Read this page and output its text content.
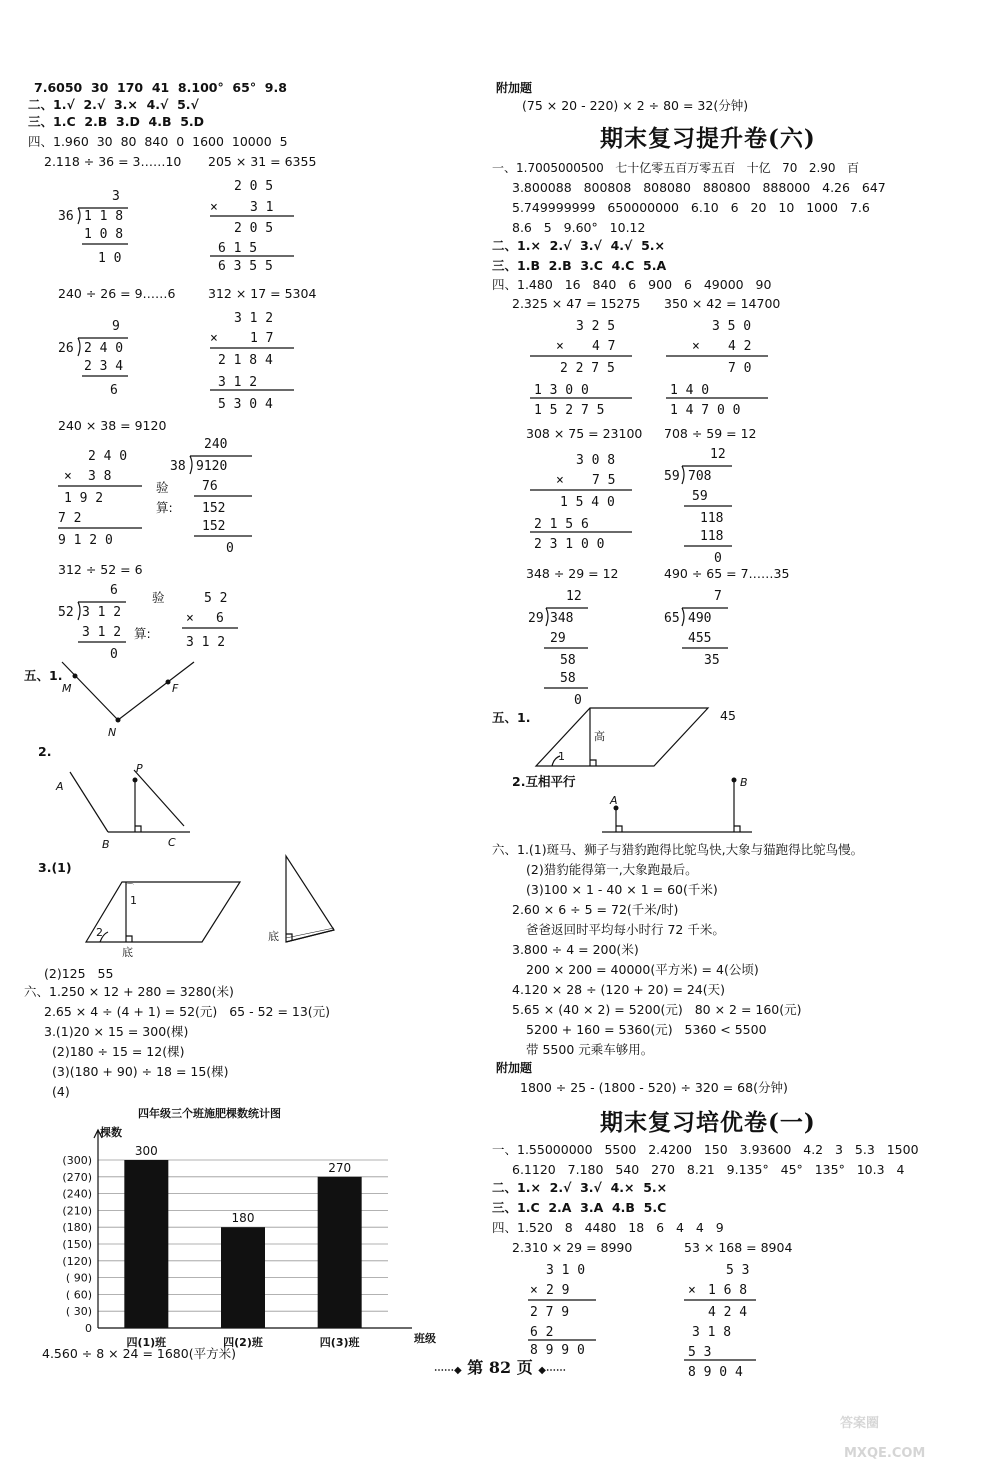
7.6050  30  170  41  8.100°  65°  9.8
二、1.√  2.√  3.×  4.√  5.√
三、1.C  2.B  3.D  4.B  5.D
四、1.960  30  80  840  0  1600  10000  5
2.118 ÷ 36 = 3……10 205 × 31 = 6355
3
36 1 1 8
1 0 8
1 0
2 0 5
× 3 1
2 0 5
6 1 5
6 3 5 5
240 ÷ 26 = 9……6	312 × 17 = 5304
9
26 2 4 0
2 3 4
6
3 1 2
× 1 7
2 1 8 4
3 1 2
5 3 0 4
240 × 38 = 9120
2 4 0
× 3 8
1 9 2
7 2
9 1 2 0
240
38 9120
76
152
152
0
验
算:
312 ÷ 52 = 6
6
52 3 1 2
3 1 2
0
5 2
× 6
3 1 2
验
算:
五、1.
M
N
F
2.
P
A
B	C
3.(1)
1
2
底
⌒
底
(2)125   55
六、1.250 × 12 + 280 = 3280(米)
2.65 × 4 ÷ (4 + 1) = 52(元)   65 - 52 = 13(元)
3.(1)20 × 15 = 300(棵)
(2)180 ÷ 15 = 12(棵)
(3)(180 + 90) ÷ 18 = 15(棵)
(4)
四年级三个班施肥棵数统计图
棵数
(300)
(270)
(240)
(210)
(180)
(150)
(120)
( 90)
( 60)
( 30)
0
班级
300
四(1)班
180
四(2)班
270
四(3)班
4.560 ÷ 8 × 24 = 1680(平方米)
附加题
(75 × 20 - 220) × 2 ÷ 80 = 32(分钟)
期末复习提升卷(六)
一、1.7005000500   七十亿零五百万零五百   十亿   70   2.90   百
3.800088   800808   808080   880800   888000   4.26   647
5.749999999   650000000   6.10   6   20   10   1000   7.6
8.6   5   9.60°   10.12
二、1.×  2.√  3.√  4.√  5.×
三、1.B  2.B  3.C  4.C  5.A
四、1.480   16   840   6   900   6   49000   90
2.325 × 47 = 15275 350 × 42 = 14700
3 2 5
× 4 7
2 2 7 5
1 3 0 0
1 5 2 7 5
3 5 0
× 4 2
7 0
1 4 0
1 4 7 0 0
308 × 75 = 23100 708 ÷ 59 = 12
3 0 8
× 7 5
1 5 4 0
2 1 5 6
2 3 1 0 0
12
59 708
59
118
118
0
348 ÷ 29 = 12	490 ÷ 65 = 7……35
12
29 348
29
58
58
0
7
65 490
455
35
五、1.
1
高
45
2.互相平行
A
B
六、1.(1)斑马、狮子与猎豹跑得比鸵鸟快,大象与猫跑得比鸵鸟慢。
(2)猎豹能得第一,大象跑最后。
(3)100 × 1 - 40 × 1 = 60(千米)
2.60 × 6 ÷ 5 = 72(千米/时)
爸爸返回时平均每小时行 72 千米。
3.800 ÷ 4 = 200(米)
200 × 200 = 40000(平方米) = 4(公顷)
4.120 × 28 ÷ (120 + 20) = 24(天)
5.65 × (40 × 2) = 5200(元)   80 × 2 = 160(元)
5200 + 160 = 5360(元)   5360 < 5500
带 5500 元乘车够用。
附加题
1800 ÷ 25 - (1800 - 520) ÷ 320 = 68(分钟)
期末复习培优卷(一)
一、1.55000000   5500   2.4200   150   3.93600   4.2   3   5.3   1500
6.1120   7.180   540   270   8.21   9.135°   45°   135°   10.3   4
二、1.×  2.√  3.√  4.×  5.×
三、1.C  2.A  3.A  4.B  5.C
四、1.520   8   4480   18   6   4   4   9
2.310 × 29 = 8990	53 × 168 = 8904
3 1 0
× 2 9
2 7 9
6 2
8 9 9 0
5 3
× 1 6 8
4 2 4
3 1 8
5 3
8 9 0 4
⋯⋯◆ 第 82 页 ◆⋯⋯
答案圈
MXQE.COM
